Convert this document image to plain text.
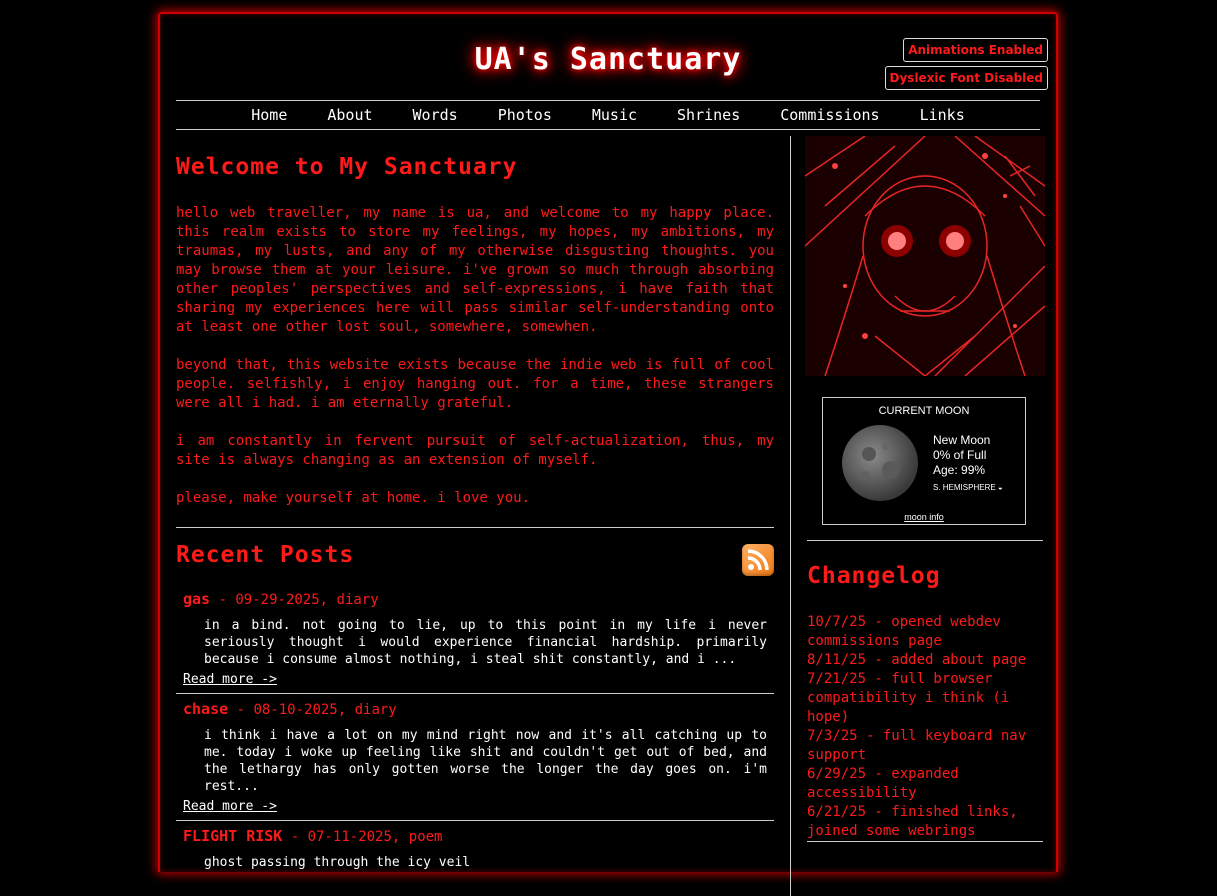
UA's Sanctuary	Animations Enabled
Dyslexic Font Disabled
Home	About	Words	Photos	Music	Shrines	Commissions	Links
Welcome to My Sanctuary

hello web traveller, my name is ua, and welcome to my happy place. this realm exists to store my feelings, my hopes, my ambitions, my traumas, my lusts, and any of my otherwise disgusting thoughts. you may browse them at your leisure. i've grown so much through absorbing other peoples' perspectives and self-expressions, i have faith that sharing my experiences here will pass similar self-understanding onto at least one other lost soul, somewhere, somewhen.

beyond that, this website exists because the indie web is full of cool people. selfishly, i enjoy hanging out. for a time, these strangers were all i had. i am eternally grateful.

i am constantly in fervent pursuit of self-actualization, thus, my site is always changing as an extension of myself.

please, make yourself at home. i love you.

Recent Posts
gas - 09-29-2025, diary
in a bind. not going to lie, up to this point in my life i never seriously thought i would experience financial hardship. primarily because i consume almost nothing, i steal shit constantly, and i ...
Read more ->
chase - 08-10-2025, diary
i think i have a lot on my mind right now and it's all catching up to me. today i woke up feeling like shit and couldn't get out of bed, and the lethargy has only gotten worse the longer the day goes on. i'm rest...
Read more ->
FLIGHT RISK - 07-11-2025, poem
ghost passing through the icy veil
CURRENT MOON
New Moon
0% of Full
Age: 99%
S. HEMISPHERE ◒
moon info
Changelog
10/7/25 - opened webdev commissions page
8/11/25 - added about page
7/21/25 - full browser compatibility i think (i hope)
7/3/25 - full keyboard nav support
6/29/25 - expanded accessibility
6/21/25 - finished links, joined some webrings
